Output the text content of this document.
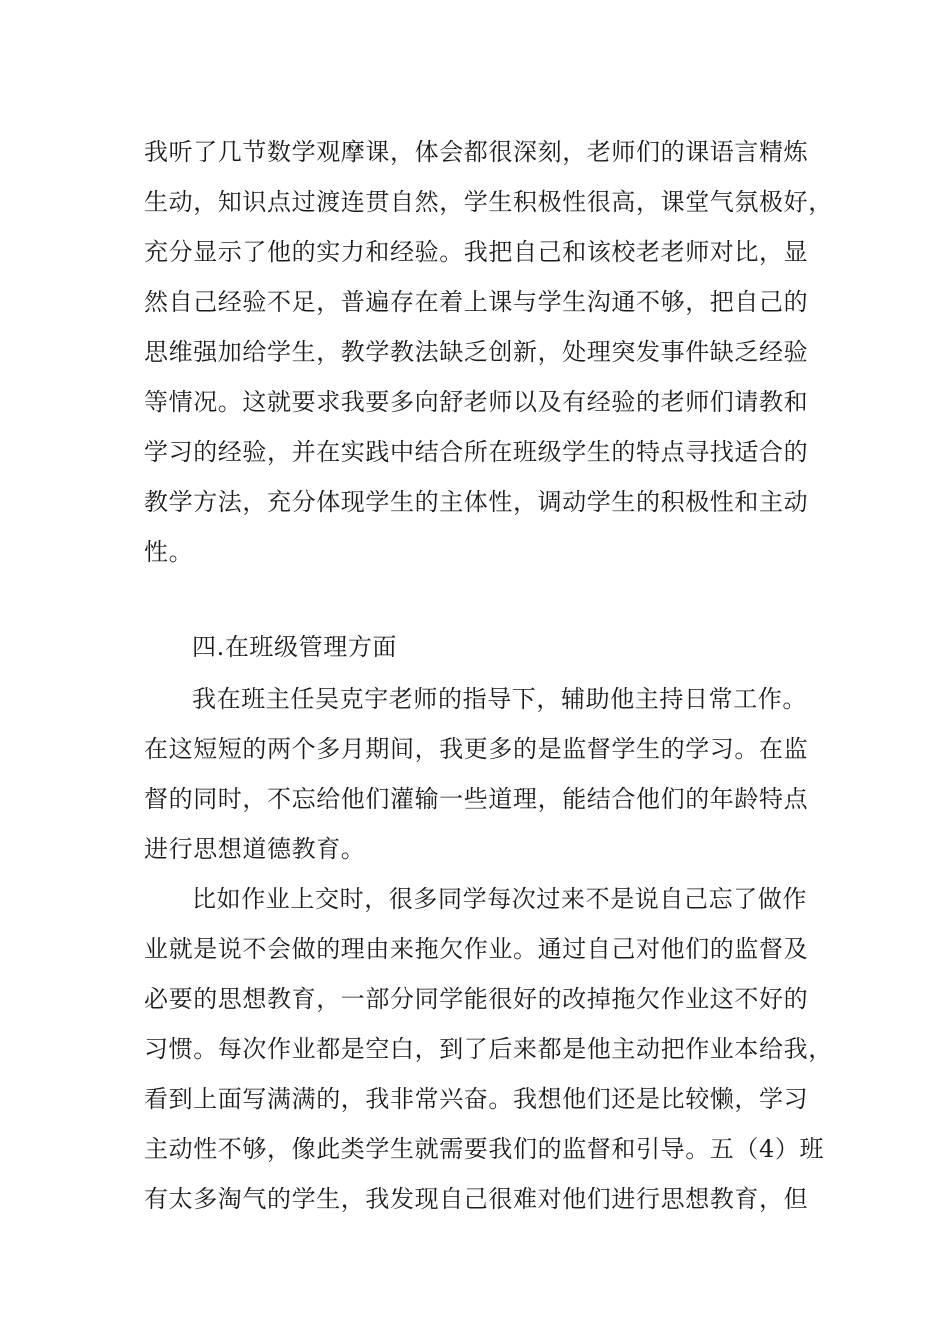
我听了几节数学观摩课，体会都很深刻，老师们的课语言精炼
生动，知识点过渡连贯自然，学生积极性很高，课堂气氛极好，
充分显示了他的实力和经验。我把自己和该校老老师对比，显
然自己经验不足，普遍存在着上课与学生沟通不够，把自己的
思维强加给学生，教学教法缺乏创新，处理突发事件缺乏经验
等情况。这就要求我要多向舒老师以及有经验的老师们请教和
学习的经验，并在实践中结合所在班级学生的特点寻找适合的
教学方法，充分体现学生的主体性，调动学生的积极性和主动
性。
四.在班级管理方面
我在班主任吴克宇老师的指导下，辅助他主持日常工作。
在这短短的两个多月期间，我更多的是监督学生的学习。在监
督的同时，不忘给他们灌输一些道理，能结合他们的年龄特点
进行思想道德教育。
比如作业上交时，很多同学每次过来不是说自己忘了做作
业就是说不会做的理由来拖欠作业。通过自己对他们的监督及
必要的思想教育，一部分同学能很好的改掉拖欠作业这不好的
习惯。每次作业都是空白，到了后来都是他主动把作业本给我，
看到上面写满满的，我非常兴奋。我想他们还是比较懒，学习
主动性不够，像此类学生就需要我们的监督和引导。五（4）班
有太多淘气的学生，我发现自己很难对他们进行思想教育，但
